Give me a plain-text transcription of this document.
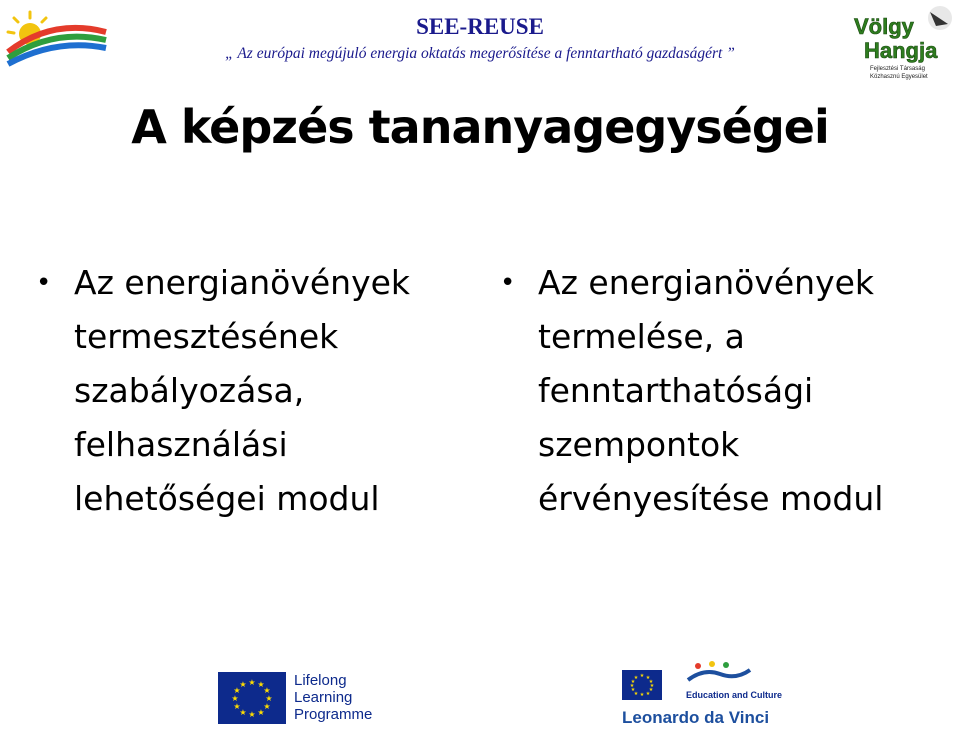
SEE-REUSE
„ Az európai megújuló energia oktatás megerősítése a fenntartható gazdaságért ”
Völgy
Hangja
Fejlesztési Társaság
Közhasznú Egyesület
A képzés tananyagegységei
• Az energianövények
termesztésének
szabályozása,
felhasználási
lehetőségei modul
• Az energianövények
termelése, a
fenntarthatósági
szempontok
érvényesítése modul
★ ★
★
★
★
★
★
★
★
★
★
★	Lifelong
Learning
Programme
★ ★
★
★
★
★
★
★
★
★
★
★
Education and Culture
Leonardo da Vinci
